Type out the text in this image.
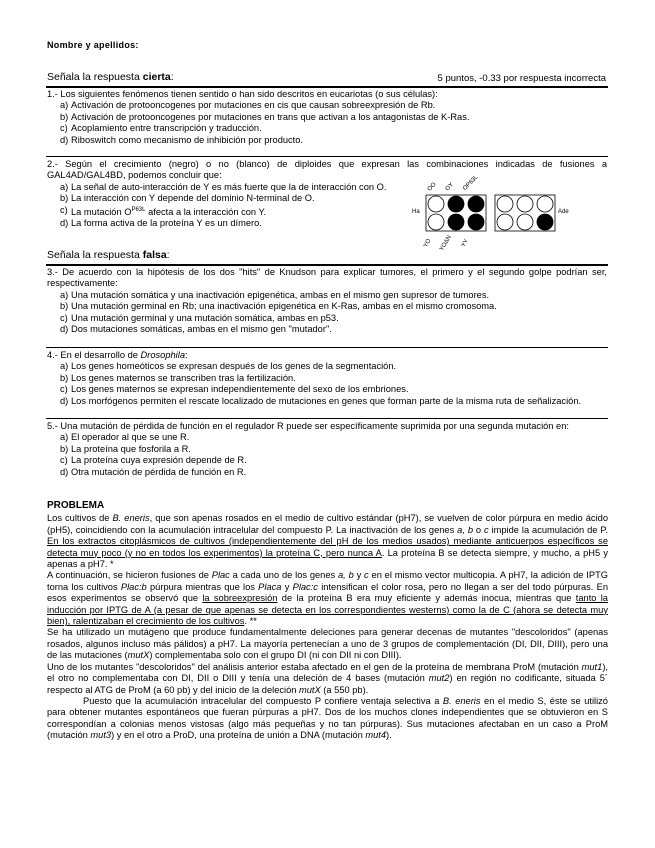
Nombre y apellidos:
Señala la respuesta cierta:	5 puntos, -0.33 por respuesta incorrecta
1.- Los siguientes fenómenos tienen sentido o han sido descritos en eucariotas (o sus células):
a) Activación de protooncogenes por mutaciones en cis que causan sobreexpresión de Rb.
b) Activación de protooncogenes por mutaciones en trans que activan a los antagonistas de K-Ras.
c) Acoplamiento entre transcripción y traducción.
d) Riboswitch como mecanismo de inhibición por producto.
2.- Según el crecimiento (negro) o no (blanco) de diploides que expresan las combinaciones indicadas de fusiones a GAL4AD/GAL4BD, podemos concluir que:
a) La señal de auto-interacción de Y es más fuerte que la de interacción con O.
b) La interacción con Y depende del dominio N-terminal de O.
c) La mutación $O^{P63L}$ afecta a la interacción con Y.
d) La forma activa de la proteína Y es un dímero.
Ha	Ade
OO	OY	OP63L
YO	YOΔN	YY
Señala la respuesta falsa:
3.- De acuerdo con la hipótesis de los dos "hits" de Knudson para explicar tumores, el primero y el segundo golpe podrían ser, respectivamente:
a) Una mutación somática y una inactivación epigenética, ambas en el mismo gen supresor de tumores.
b) Una mutación germinal en Rb; una inactivación epigenética en K-Ras, ambas en el mismo cromosoma.
c) Una mutación germinal y una mutación somática, ambas en p53.
d) Dos mutaciones somáticas, ambas en el mismo gen "mutador".
4.- En el desarrollo de Drosophila:
a) Los genes homeóticos se expresan después de los genes de la segmentación.
b) Los genes maternos se transcriben tras la fertilización.
c) Los genes maternos se expresan independientemente del sexo de los embriones.
d) Los morfógenos permiten el rescate localizado de mutaciones en genes que forman parte de la misma ruta de señalización.
5.- Una mutación de pérdida de función en el regulador R puede ser específicamente suprimida por una segunda mutación en:
a) El operador al que se une R.
b) La proteína que fosforila a R.
c) La proteína cuya expresión depende de R.
d) Otra mutación de pérdida de función en R.
PROBLEMA

Los cultivos de B. eneris, que son apenas rosados en el medio de cultivo estándar (pH7), se vuelven de color púrpura en medio ácido (pH5), coincidiendo con la acumulación intracelular del compuesto P. La inactivación de los genes a, b o c impide la acumulación de P. En los extractos citoplásmicos de cultivos (independientemente del pH de los medios usados) mediante anticuerpos específicos se detecta muy poco (y no en todos los experimentos) la proteína C, pero nunca A. La proteína B se detecta siempre, y mucho, a pH5 y apenas a pH7. *

A continuación, se hicieron fusiones de Plac a cada uno de los genes a, b y c en el mismo vector multicopia. A pH7, la adición de IPTG torna los cultivos Plac:b púrpura mientras que los Placa y Plac:c intensifican el color rosa, pero no llegan a ser del todo púrpuras. En esos experimentos se observó que la sobreexpresión de la proteína B era muy eficiente y además inocua, mientras que tanto la inducción por IPTG de A (a pesar de que apenas se detecta en los correspondientes westerns) como la de C (ahora se detecta muy bien), ralentizaban el crecimiento de los cultivos. **

Se ha utilizado un mutágeno que produce fundamentalmente deleciones para generar decenas de mutantes "descoloridos" (apenas rosados, algunos incluso más pálidos) a pH7. La mayoría pertenecían a uno de 3 grupos de complementación (DI, DII, DIII), pero una de las mutaciones (mutX) complementaba solo con el grupo DI (ni con DII ni con DIII).

Uno de los mutantes "descoloridos" del análisis anterior estaba afectado en el gen de la proteína de membrana ProM (mutación mut1), el otro no complementaba con DI, DII o DIII y tenía una deleción de 4 bases (mutación mut2) en región no codificante, situada 5´ respecto al ATG de ProM (a 60 pb) y del inicio de la deleción mutX (a 550 pb).

Puesto que la acumulación intracelular del compuesto P confiere ventaja selectiva a B. eneris en el medio S, éste se utilizó para obtener mutantes espontáneos que fueran púrpuras a pH7. Dos de los muchos clones independientes que se obtuvieron en S correspondían a colonias menos vistosas (algo más pequeñas y no tan púrpuras). Sus mutaciones afectaban en un caso a ProM (mutación mut3) y en el otro a ProD, una proteína de unión a DNA (mutación mut4).
